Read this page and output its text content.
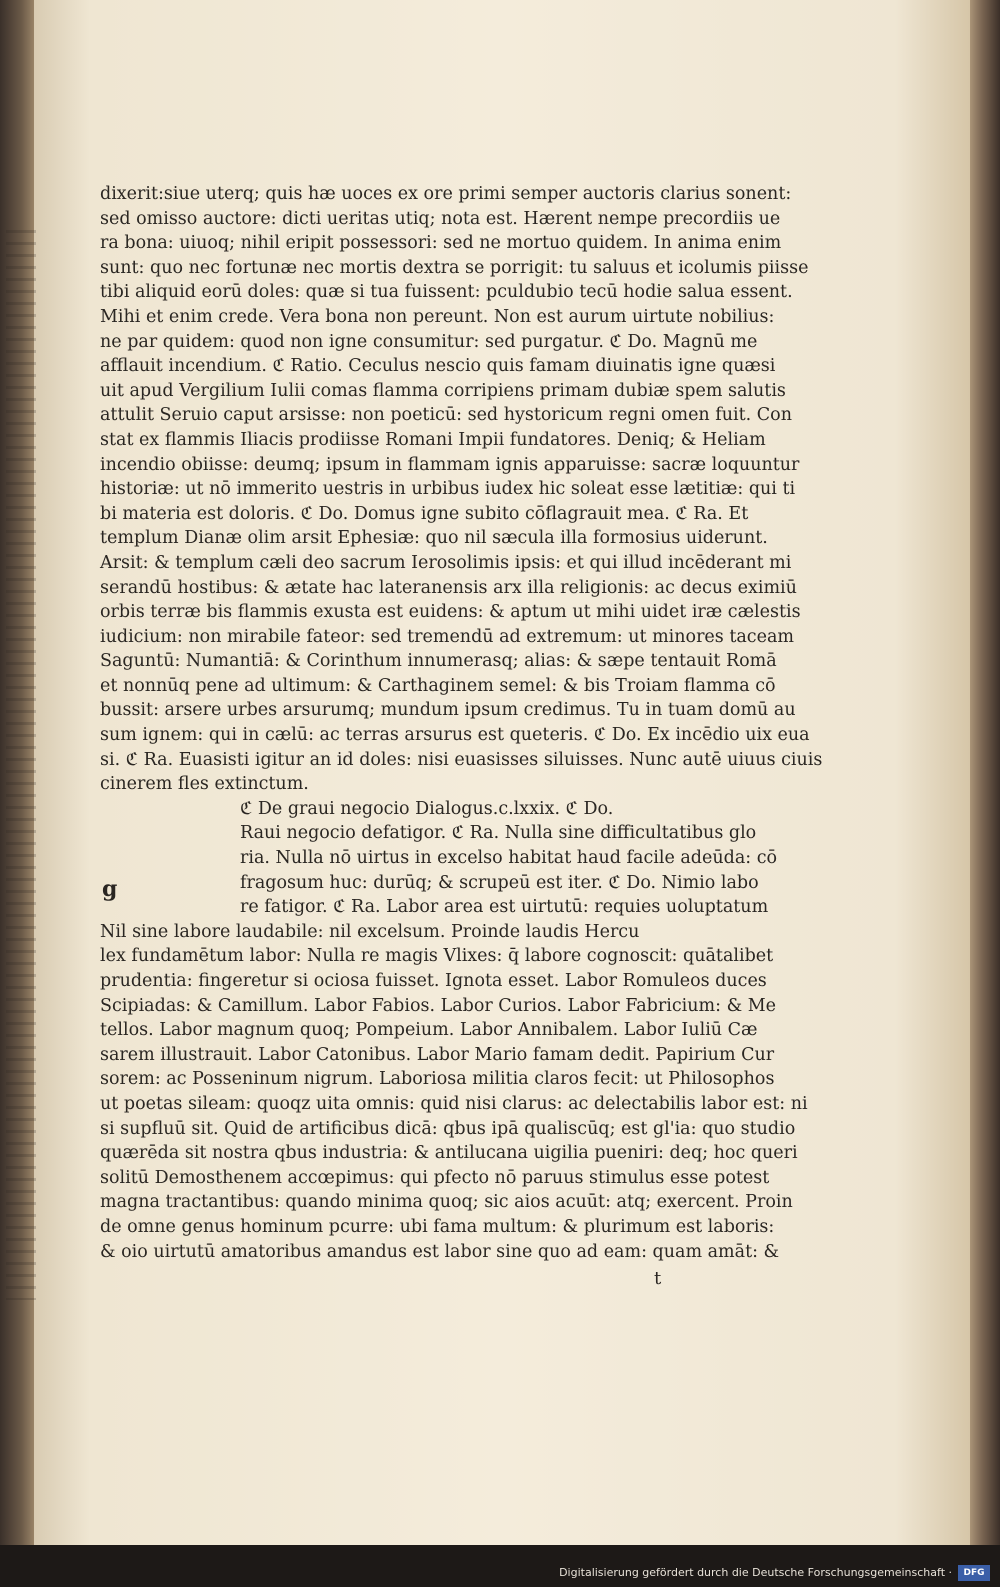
dixerit:siue uterq; quis hæ uoces ex ore primi semper auctoris clarius sonent:
sed omisso auctore: dicti ueritas utiq; nota est. Hærent nempe precordiis ue
ra bona: uiuoq; nihil eripit possessori: sed ne mortuo quidem. In anima enim
sunt: quo nec fortunæ nec mortis dextra se porrigit: tu saluus et icolumis piisse
tibi aliquid eorū doles: quæ si tua fuissent: pculdubio tecū hodie salua essent.
Mihi et enim crede. Vera bona non pereunt. Non est aurum uirtute nobilius:
ne par quidem: quod non igne consumitur: sed purgatur. ℭ Do. Magnū me
afflauit incendium. ℭ Ratio. Ceculus nescio quis famam diuinatis igne quæsi
uit apud Vergilium Iulii comas flamma corripiens primam dubiæ spem salutis
attulit Seruio caput arsisse: non poeticū: sed hystoricum regni omen fuit. Con
stat ex flammis Iliacis prodiisse Romani Impii fundatores. Deniq; & Heliam
incendio obiisse: deumq; ipsum in flammam ignis apparuisse: sacræ loquuntur
historiæ: ut nō immerito uestris in urbibus iudex hic soleat esse lætitiæ: qui ti
bi materia est doloris. ℭ Do. Domus igne subito cōflagrauit mea. ℭ Ra. Et
templum Dianæ olim arsit Ephesiæ: quo nil sæcula illa formosius uiderunt.
Arsit: & templum cæli deo sacrum Ierosolimis ipsis: et qui illud incēderant mi
serandū hostibus: & ætate hac lateranensis arx illa religionis: ac decus eximiū
orbis terræ bis flammis exusta est euidens: & aptum ut mihi uidet iræ cælestis
iudicium: non mirabile fateor: sed tremendū ad extremum: ut minores taceam
Saguntū: Numantiā: & Corinthum innumerasq; alias: & sæpe tentauit Romā
et nonnūq pene ad ultimum: & Carthaginem semel: & bis Troiam flamma cō
bussit: arsere urbes arsurumq; mundum ipsum credimus. Tu in tuam domū au
sum ignem: qui in cælū: ac terras arsurus est queteris. ℭ Do. Ex incēdio uix eua
si. ℭ Ra. Euasisti igitur an id doles: nisi euasisses siluisses. Nunc autē uiuus ciuis
cinerem fles extinctum.
ℭ De graui negocio Dialogus.c.lxxix. ℭ Do.
Raui negocio defatigor. ℭ Ra. Nulla sine difficultatibus glo
ria. Nulla nō uirtus in excelso habitat haud facile adeūda: cō
fragosum huc: durūq; & scrupeū est iter. ℭ Do. Nimio labo
re fatigor. ℭ Ra. Labor area est uirtutū: requies uoluptatum
Nil sine labore laudabile: nil excelsum. Proinde laudis Hercu
lex fundamētum labor: Nulla re magis Vlixes: q̄ labore cognoscit: quātalibet
prudentia: fingeretur si ociosa fuisset. Ignota esset. Labor Romuleos duces
Scipiadas: & Camillum. Labor Fabios. Labor Curios. Labor Fabricium: & Me
tellos. Labor magnum quoq; Pompeium. Labor Annibalem. Labor Iuliū Cæ
sarem illustrauit. Labor Catonibus. Labor Mario famam dedit. Papirium Cur
sorem: ac Posseninum nigrum. Laboriosa militia claros fecit: ut Philosophos
ut poetas sileam: quoqz uita omnis: quid nisi clarus: ac delectabilis labor est: ni
si supfluū sit. Quid de artificibus dicā: qbus ipā qualiscūq; est gl'ia: quo studio
quærēda sit nostra qbus industria: & antilucana uigilia pueniri: deq; hoc queri
solitū Demosthenem accœpimus: qui pfecto nō paruus stimulus esse potest
magna tractantibus: quando minima quoq; sic aios acuūt: atq; exercent. Proin
de omne genus hominum pcurre: ubi fama multum: & plurimum est laboris:
& oio uirtutū amatoribus amandus est labor sine quo ad eam: quam amāt: &
g
t
Digitalisierung gefördert durch die Deutsche Forschungsgemeinschaft ·	DFG
